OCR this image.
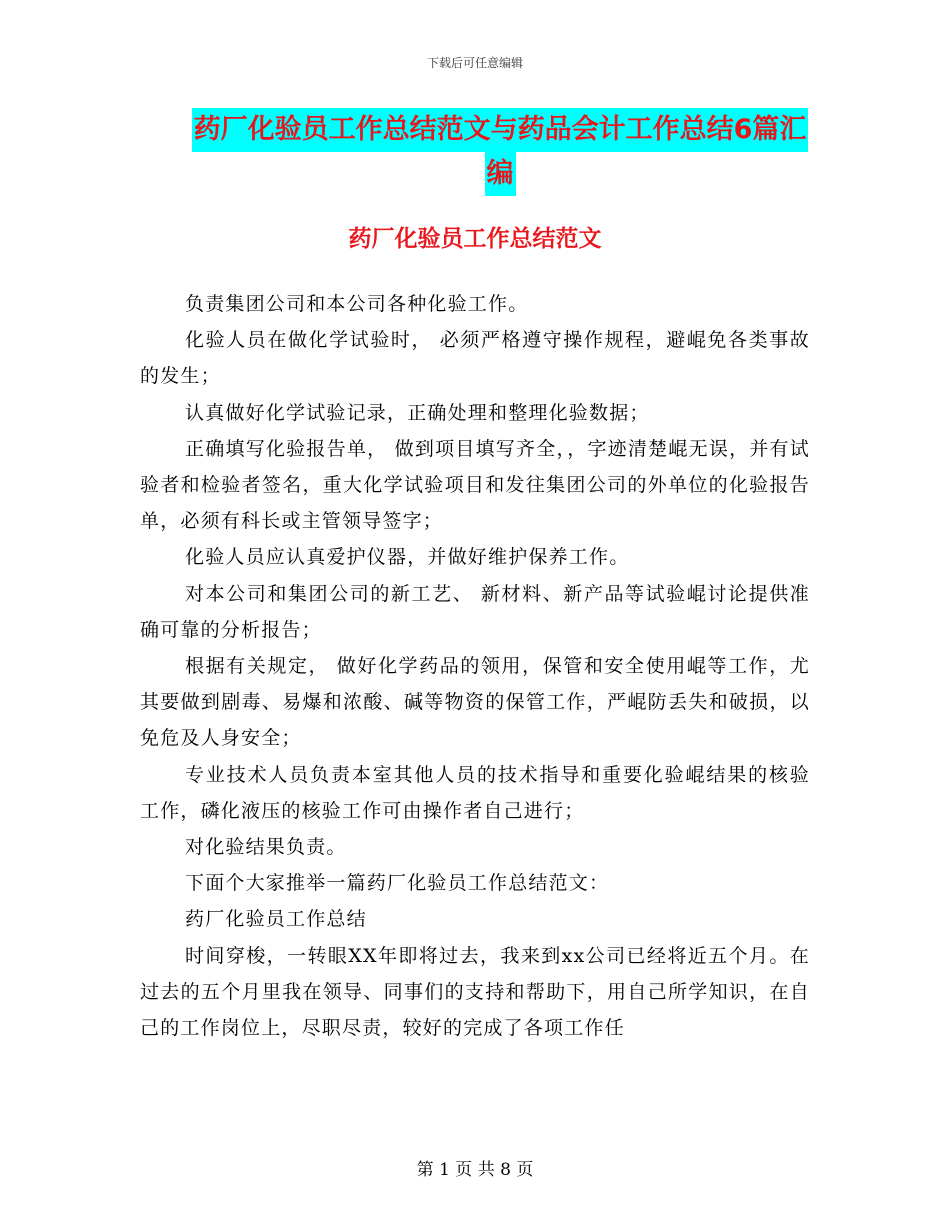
下载后可任意编辑
药厂化验员工作总结范文与药品会计工作总结6篇汇
编
药厂化验员工作总结范文

负责集团公司和本公司各种化验工作。

化验人员在做化学试验时， 必须严格遵守操作规程，避崐免各类事故的发生；

认真做好化学试验记录，正确处理和整理化验数据；

正确填写化验报告单， 做到项目填写齐全，，字迹清楚崐无误，并有试验者和检验者签名，重大化学试验项目和发往集团公司的外单位的化验报告单，必须有科长或主管领导签字；

化验人员应认真爱护仪器，并做好维护保养工作。

对本公司和集团公司的新工艺、 新材料、新产品等试验崐讨论提供准确可靠的分析报告；

根据有关规定， 做好化学药品的领用，保管和安全使用崐等工作，尤其要做到剧毒、易爆和浓酸、碱等物资的保管工作，严崐防丢失和破损，以免危及人身安全；

专业技术人员负责本室其他人员的技术指导和重要化验崐结果的核验工作，磷化液压的核验工作可由操作者自己进行；

对化验结果负责。

下面个大家推举一篇药厂化验员工作总结范文：

药厂化验员工作总结

时间穿梭，一转眼XX年即将过去，我来到xx公司已经将近五个月。在过去的五个月里我在领导、同事们的支持和帮助下，用自己所学知识，在自己的工作岗位上，尽职尽责，较好的完成了各项工作任

第 1 页 共 8 页
